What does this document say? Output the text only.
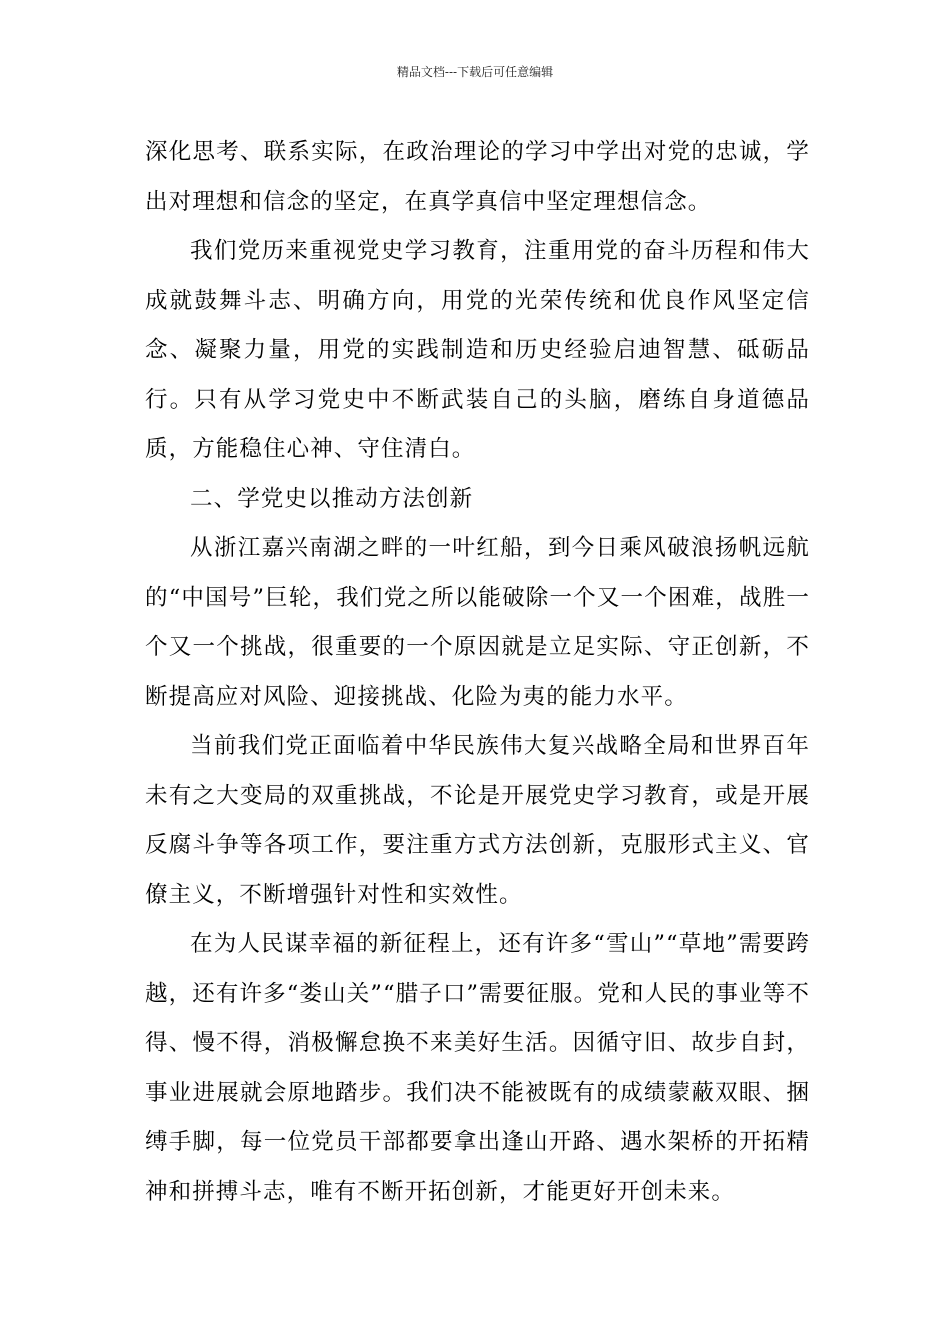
精品文档---下载后可任意编辑

深化思考、联系实际，在政治理论的学习中学出对党的忠诚，学出对理想和信念的坚定，在真学真信中坚定理想信念。

我们党历来重视党史学习教育，注重用党的奋斗历程和伟大成就鼓舞斗志、明确方向，用党的光荣传统和优良作风坚定信念、凝聚力量，用党的实践制造和历史经验启迪智慧、砥砺品行。只有从学习党史中不断武装自己的头脑，磨练自身道德品质，方能稳住心神、守住清白。

二、学党史以推动方法创新

从浙江嘉兴南湖之畔的一叶红船，到今日乘风破浪扬帆远航的“中国号”巨轮，我们党之所以能破除一个又一个困难，战胜一个又一个挑战，很重要的一个原因就是立足实际、守正创新，不断提高应对风险、迎接挑战、化险为夷的能力水平。

当前我们党正面临着中华民族伟大复兴战略全局和世界百年未有之大变局的双重挑战，不论是开展党史学习教育，或是开展反腐斗争等各项工作，要注重方式方法创新，克服形式主义、官僚主义，不断增强针对性和实效性。

在为人民谋幸福的新征程上，还有许多“雪山”“草地”需要跨越，还有许多“娄山关”“腊子口”需要征服。党和人民的事业等不得、慢不得，消极懈怠换不来美好生活。因循守旧、故步自封，事业进展就会原地踏步。我们决不能被既有的成绩蒙蔽双眼、捆缚手脚，每一位党员干部都要拿出逢山开路、遇水架桥的开拓精神和拼搏斗志，唯有不断开拓创新，才能更好开创未来。
